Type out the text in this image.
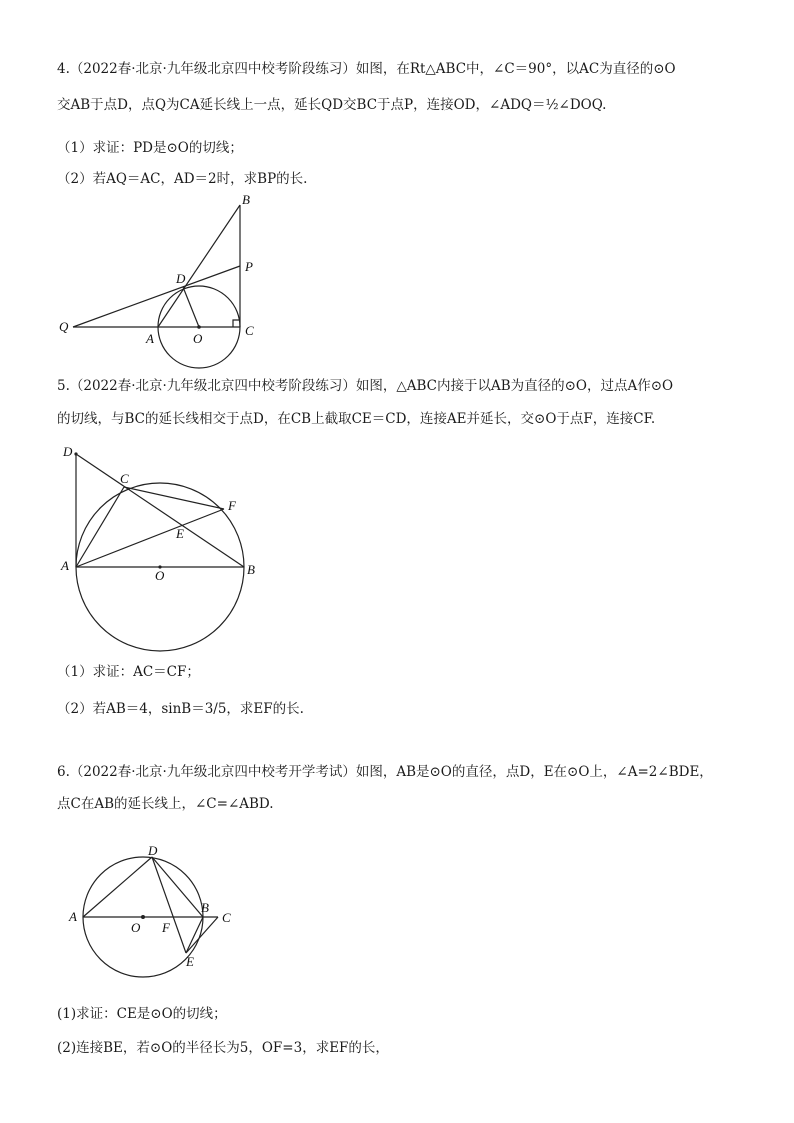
4.（2022春·北京·九年级北京四中校考阶段练习）如图，在Rt△ABC中，∠C＝90°，以AC为直径的⊙O
交AB于点D，点Q为CA延长线上一点，延长QD交BC于点P，连接OD，∠ADQ＝½∠DOQ.
（1）求证：PD是⊙O的切线；
（2）若AQ＝AC，AD＝2时，求BP的长.
B
P
D
Q
A	O
C
5.（2022春·北京·九年级北京四中校考阶段练习）如图，△ABC内接于以AB为直径的⊙O，过点A作⊙O
的切线，与BC的延长线相交于点D，在CB上截取CE＝CD，连接AE并延长，交⊙O于点F，连接CF.
D
C
F
E
A
O	B
（1）求证：AC＝CF；
（2）若AB＝4，sinB＝3/5，求EF的长.
6.（2022春·北京·九年级北京四中校考开学考试）如图，AB是⊙O的直径，点D，E在⊙O上，∠A=2∠BDE，
点C在AB的延长线上，∠C=∠ABD.
D
A
O F
B
C
E
(1)求证：CE是⊙O的切线；
(2)连接BE，若⊙O的半径长为5，OF=3，求EF的长，
